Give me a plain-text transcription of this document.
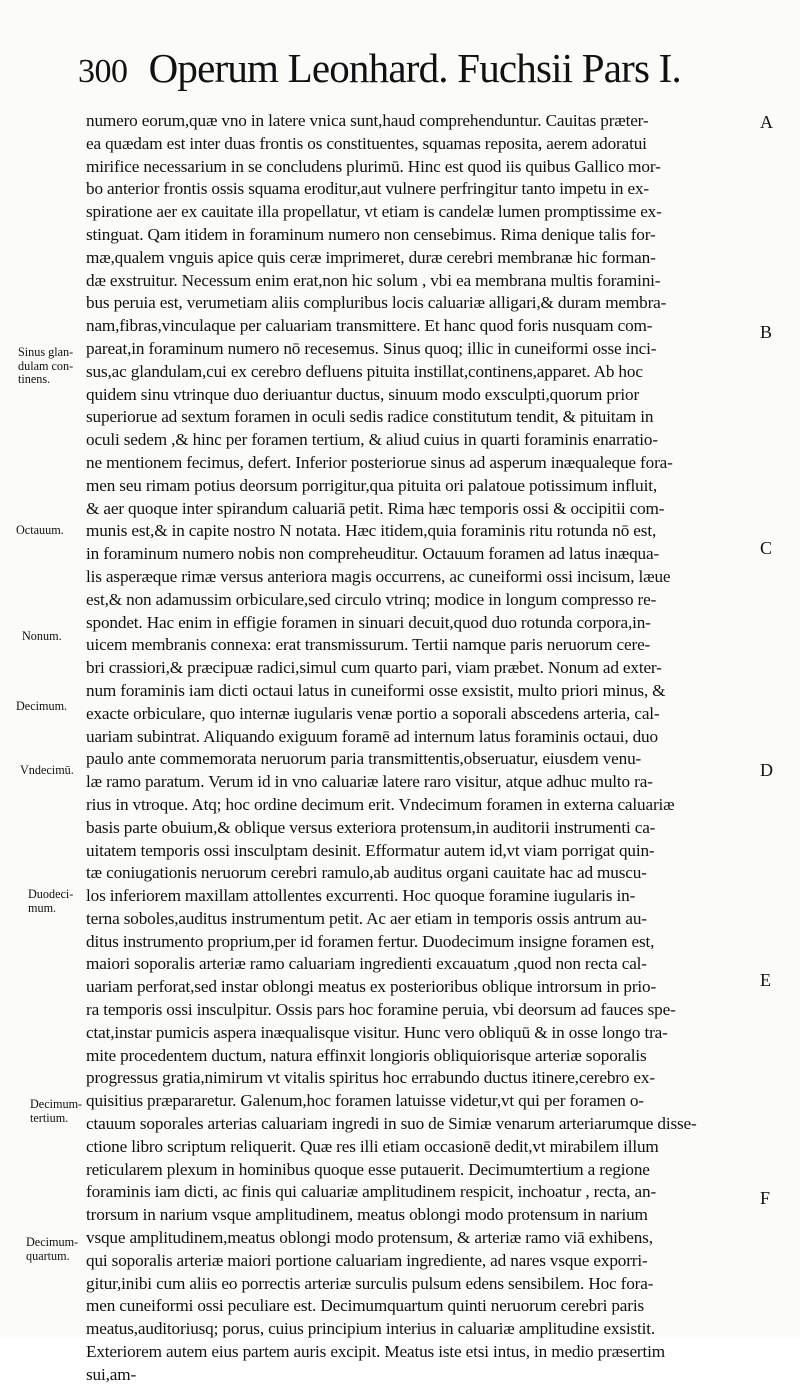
300 Operum Leonhard. Fuchsii Pars I.
numero eorum,quæ vno in latere vnica sunt,haud comprehenduntur. Cauitas præter-
ea quædam est inter duas frontis os constituentes, squamas reposita, aerem adoratui
mirifice necessarium in se concludens plurimū. Hinc est quod iis quibus Gallico mor-
bo anterior frontis ossis squama eroditur,aut vulnere perfringitur tanto impetu in ex-
spiratione aer ex cauitate illa propellatur, vt etiam is candelæ lumen promptissime ex-
stinguat. Qam itidem in foraminum numero non censebimus. Rima denique talis for-
mæ,qualem vnguis apice quis ceræ imprimeret, duræ cerebri membranæ hic forman-
dæ exstruitur. Necessum enim erat,non hic solum , vbi ea membrana multis foramini-
bus peruia est, verumetiam aliis compluribus locis caluariæ alligari,& duram membra-
nam,fibras,vinculaque per caluariam transmittere. Et hanc quod foris nusquam com-
pareat,in foraminum numero nō recesemus. Sinus quoq; illic in cuneiformi osse inci-
sus,ac glandulam,cui ex cerebro defluens pituita instillat,continens,apparet. Ab hoc
quidem sinu vtrinque duo deriuantur ductus, sinuum modo exsculpti,quorum prior
superiorue ad sextum foramen in oculi sedis radice constitutum tendit, & pituitam in
oculi sedem ,& hinc per foramen tertium, & aliud cuius in quarti foraminis enarratio-
ne mentionem fecimus, defert. Inferior posteriorue sinus ad asperum inæqualeque fora-
men seu rimam potius deorsum porrigitur,qua pituita ori palatoue potissimum influit,
& aer quoque inter spirandum caluariā petit. Rima hæc temporis ossi & occipitii com-
munis est,& in capite nostro N notata. Hæc itidem,quia foraminis ritu rotunda nō est,
in foraminum numero nobis non compreheuditur. Octauum foramen ad latus inæqua-
lis asperæque rimæ versus anteriora magis occurrens, ac cuneiformi ossi incisum, læue
est,& non adamussim orbiculare,sed circulo vtrinq; modice in longum compresso re-
spondet. Hac enim in effigie foramen in sinuari decuit,quod duo rotunda corpora,in-
uicem membranis connexa: erat transmissurum. Tertii namque paris neruorum cere-
bri crassiori,& præcipuæ radici,simul cum quarto pari, viam præbet. Nonum ad exter-
num foraminis iam dicti octaui latus in cuneiformi osse exsistit, multo priori minus, &
exacte orbiculare, quo internæ iugularis venæ portio a soporali abscedens arteria, cal-
uariam subintrat. Aliquando exiguum foramē ad internum latus foraminis octaui, duo
paulo ante commemorata neruorum paria transmittentis,obseruatur, eiusdem venu-
læ ramo paratum. Verum id in vno caluariæ latere raro visitur, atque adhuc multo ra-
rius in vtroque. Atq; hoc ordine decimum erit. Vndecimum foramen in externa caluariæ
basis parte obuium,& oblique versus exteriora protensum,in auditorii instrumenti ca-
uitatem temporis ossi insculptam desinit. Efformatur autem id,vt viam porrigat quin-
tæ coniugationis neruorum cerebri ramulo,ab auditus organi cauitate hac ad muscu-
los inferiorem maxillam attollentes excurrenti. Hoc quoque foramine iugularis in-
terna soboles,auditus instrumentum petit. Ac aer etiam in temporis ossis antrum au-
ditus instrumento proprium,per id foramen fertur. Duodecimum insigne foramen est,
maiori soporalis arteriæ ramo caluariam ingredienti excauatum ,quod non recta cal-
uariam perforat,sed instar oblongi meatus ex posterioribus oblique introrsum in prio-
ra temporis ossi insculpitur. Ossis pars hoc foramine peruia, vbi deorsum ad fauces spe-
ctat,instar pumicis aspera inæqualisque visitur. Hunc vero obliquū & in osse longo tra-
mite procedentem ductum, natura effinxit longioris obliquiorisque arteriæ soporalis
progressus gratia,nimirum vt vitalis spiritus hoc errabundo ductus itinere,cerebro ex-
quisitius præpararetur. Galenum,hoc foramen latuisse videtur,vt qui per foramen o-
ctauum soporales arterias caluariam ingredi in suo de Simiæ venarum arteriarumque disse-
ctione libro scriptum reliquerit. Quæ res illi etiam occasionē dedit,vt mirabilem illum
reticularem plexum in hominibus quoque esse putauerit. Decimumtertium a regione
foraminis iam dicti, ac finis qui caluariæ amplitudinem respicit, inchoatur , recta, an-
trorsum in narium vsque amplitudinem, meatus oblongi modo protensum in narium
vsque amplitudinem,meatus oblongi modo protensum, & arteriæ ramo viā exhibens,
qui soporalis arteriæ maiori portione caluariam ingrediente, ad nares vsque exporri-
gitur,inibi cum aliis eo porrectis arteriæ surculis pulsum edens sensibilem. Hoc fora-
men cuneiformi ossi peculiare est. Decimumquartum quinti neruorum cerebri paris
meatus,auditoriusq; porus, cuius principium interius in caluariæ amplitudine exsistit.
Exteriorem autem eius partem auris excipit. Meatus iste etsi intus, in medio præsertim
sui,am-
Sinus glan-
dulam con-
tinens.
Octauum.
Nonum.
Decimum.
Vndecimū.
Duodeci-
mum.
Decimum-
tertium.
Decimum-
quartum.
A
B
C
D
E
F
